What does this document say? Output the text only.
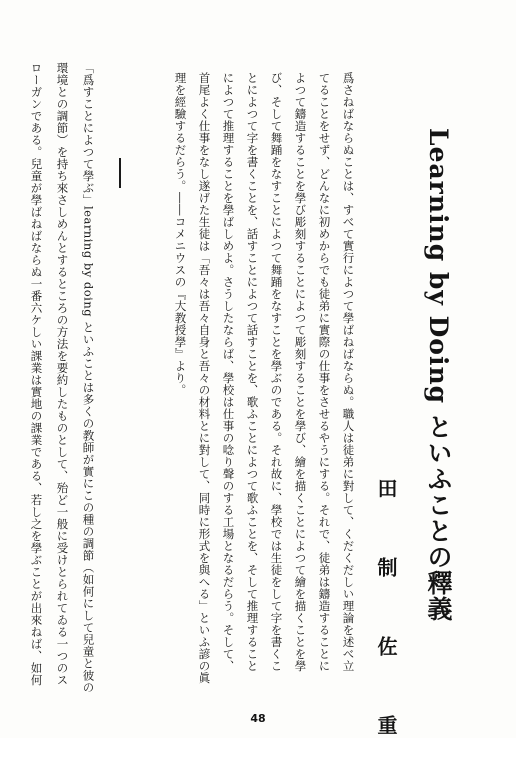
Learning by Doing といふことの釋義
田 制 佐 重
爲さねばならぬことは、すべて實行によつて學ばねばならぬ。職人は徒弟に對して、くだくだしい理論を述べ立
てることをせず、どんなに初めからでも徒弟に實際の仕事をさせるやうにする。それで、徒弟は鑄造することに
よつて鑄造することを學び彫刻することによつて彫刻することを學び、繪を描くことによつて繪を描くことを學
び、そして舞踊をなすことによつて舞踊をなすことを學ぶのである。それ故に、學校では生徒をして字を書くこ
とによつて字を書くことを、話すことによつて話すことを、歌ふことによつて歌ふことを、そして推理すること
によつて推理することを學ばしめよ。さうしたならば、學校は仕事の唸り聲のする工場となるだらう。そして、
首尾よく仕事をなし遂げた生徒は「吾々は吾々自身と吾々の材料とに對して、同時に形式を與へる」といふ諺の眞
理を經驗するだらう。――コメニウスの『大教授學』より。
「爲すことによつて學ぶ」learning by doing といふことは多くの教師が實にこの種の調節（如何にして兒童と彼の
環境との調節）を持ち來さしめんとするところの方法を要約したものとして、殆ど一般に受けとられてゐる一つのス
ローガンである。兒童が學ばねばならぬ一番六ケしい課業は實地の課業である、若し之を學ぶことが出來ねば、如何
48
